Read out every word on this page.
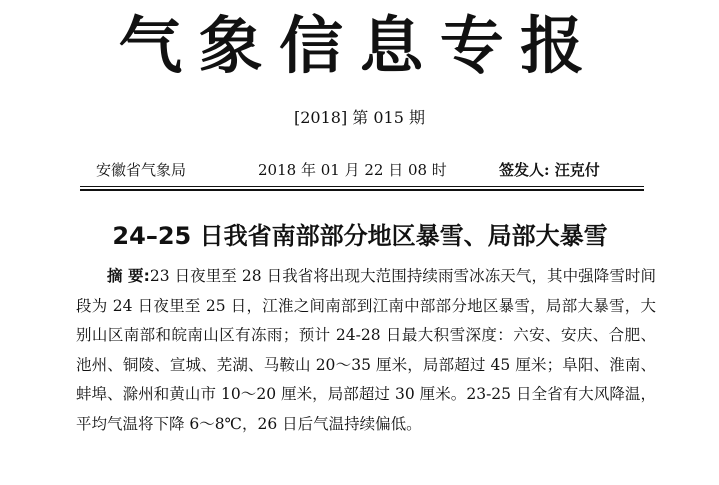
气象信息专报
[2018] 第 015 期
安徽省气象局	2018 年 01 月 22 日 08 时	签发人: 汪克付
24–25 日我省南部部分地区暴雪、局部大暴雪
摘 要:23 日夜里至 28 日我省将出现大范围持续雨雪冰冻天气，其中强降雪时间段为 24 日夜里至 25 日，江淮之间南部到江南中部部分地区暴雪，局部大暴雪，大别山区南部和皖南山区有冻雨；预计 24-28 日最大积雪深度：六安、安庆、合肥、池州、铜陵、宣城、芜湖、马鞍山 20～35 厘米，局部超过 45 厘米；阜阳、淮南、蚌埠、滁州和黄山市 10～20 厘米，局部超过 30 厘米。23-25 日全省有大风降温，平均气温将下降 6～8℃，26 日后气温持续偏低。
